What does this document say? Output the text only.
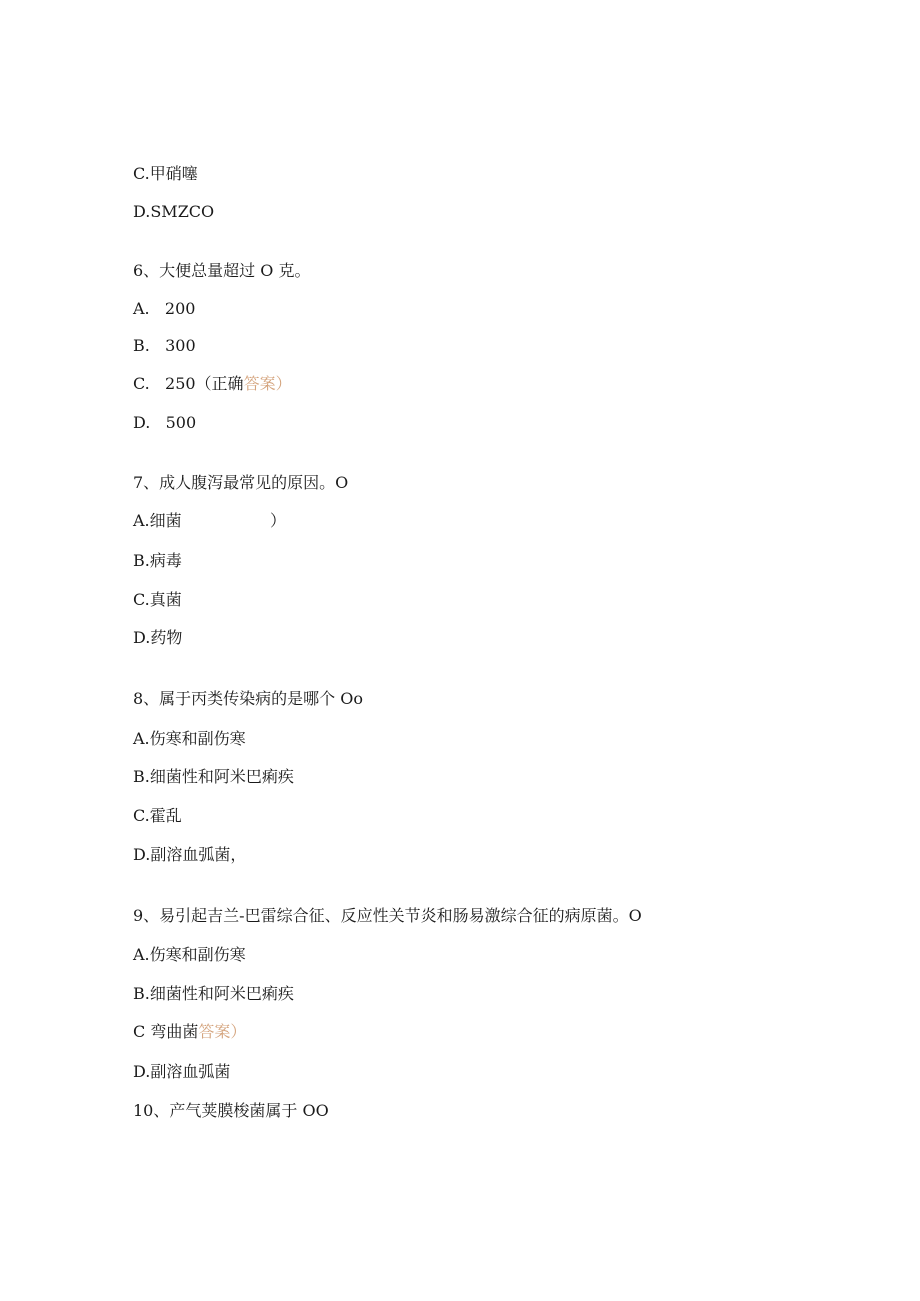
C.甲硝噻
D.SMZCO
6、大便总量超过 O 克。
A.   200
B.   300
C.   250（正确答案）
D.   500
7、成人腹泻最常见的原因。O
A.细菌	）
B.病毒
C.真菌
D.药物
8、属于丙类传染病的是哪个 Oo
A.伤寒和副伤寒
B.细菌性和阿米巴痢疾
C.霍乱
D.副溶血弧菌，
9、易引起吉兰-巴雷综合征、反应性关节炎和肠易激综合征的病原菌。O
A.伤寒和副伤寒
B.细菌性和阿米巴痢疾
C 弯曲菌答案）
D.副溶血弧菌
10、产气荚膜梭菌属于 OO
